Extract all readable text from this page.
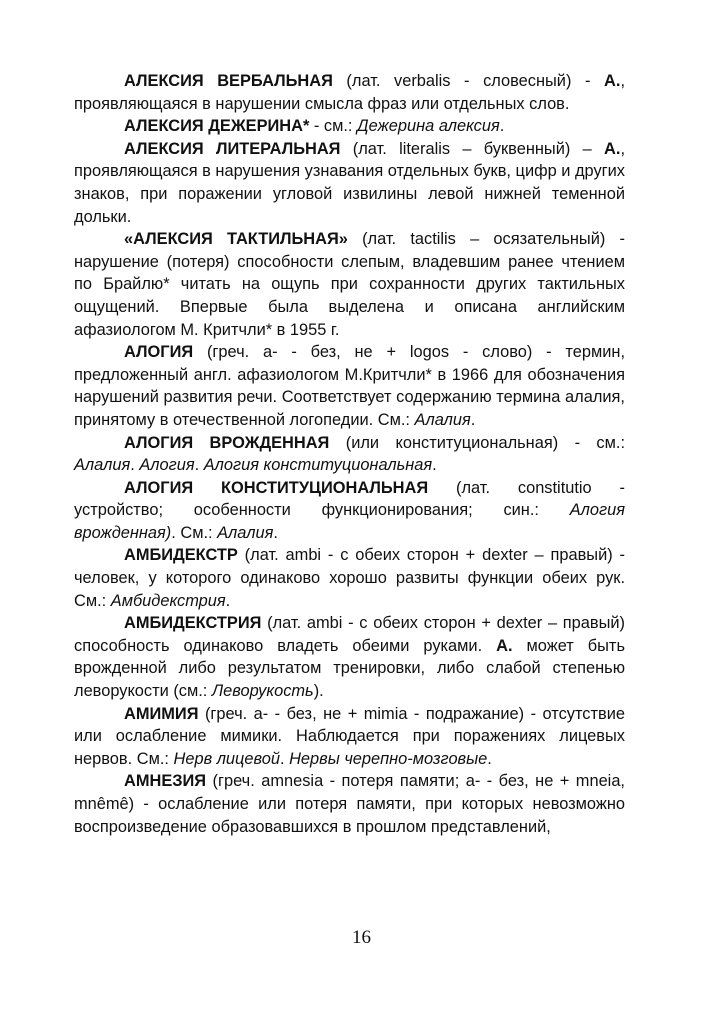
АЛЕКСИЯ ВЕРБАЛЬНАЯ (лат. verbalis - словесный) - А., проявляющаяся в нарушении смысла фраз или отдельных слов.

АЛЕКСИЯ ДЕЖЕРИНА* - см.: Дежерина алексия.

АЛЕКСИЯ ЛИТЕРАЛЬНАЯ (лат. literalis – буквенный) – А., проявляющаяся в нарушения узнавания отдельных букв, цифр и других знаков, при поражении угловой извилины левой нижней теменной дольки.

«АЛЕКСИЯ ТАКТИЛЬНАЯ» (лат. tactilis – осязательный) - нарушение (потеря) способности слепым, владевшим ранее чтением по Брайлю* читать на ощупь при сохранности других тактильных ощущений. Впервые была выделена и описана английским афазиологом М. Критчли* в 1955 г.

АЛОГИЯ (греч. а- - без, не + logos - слово) - термин, предложенный англ. афазиологом М.Критчли* в 1966 для обозначения нарушений развития речи. Соответствует содержанию термина алалия, принятому в отечественной логопедии. См.: Алалия.

АЛОГИЯ ВРОЖДЕННАЯ (или конституциональная) - см.: Алалия. Алогия. Алогия конституциональная.

АЛОГИЯ КОНСТИТУЦИОНАЛЬНАЯ (лат. constitutio - устройство; особенности функционирования; син.: Алогия врожденная). См.: Алалия.

АМБИДЕКСТР (лат. ambi - с обеих сторон + dexter – правый) - человек, у которого одинаково хорошо развиты функции обеих рук. См.: Амбидекстрия.

АМБИДЕКСТРИЯ (лат. ambi - с обеих сторон + dexter – правый) способность одинаково владеть обеими руками. А. может быть врожденной либо результатом тренировки, либо слабой степенью леворукости (см.: Леворукость).

АМИМИЯ (греч. а- - без, не + mimia - подражание) - отсутствие или ослабление мимики. Наблюдается при поражениях лицевых нервов. См.: Нерв лицевой. Нервы черепно-мозговые.

АМНЕЗИЯ (греч. amnesia - потеря памяти; а- - без, не + mneia, mnêmê) - ослабление или потеря памяти, при которых невозможно воспроизведение образовавшихся в прошлом представлений,

16
